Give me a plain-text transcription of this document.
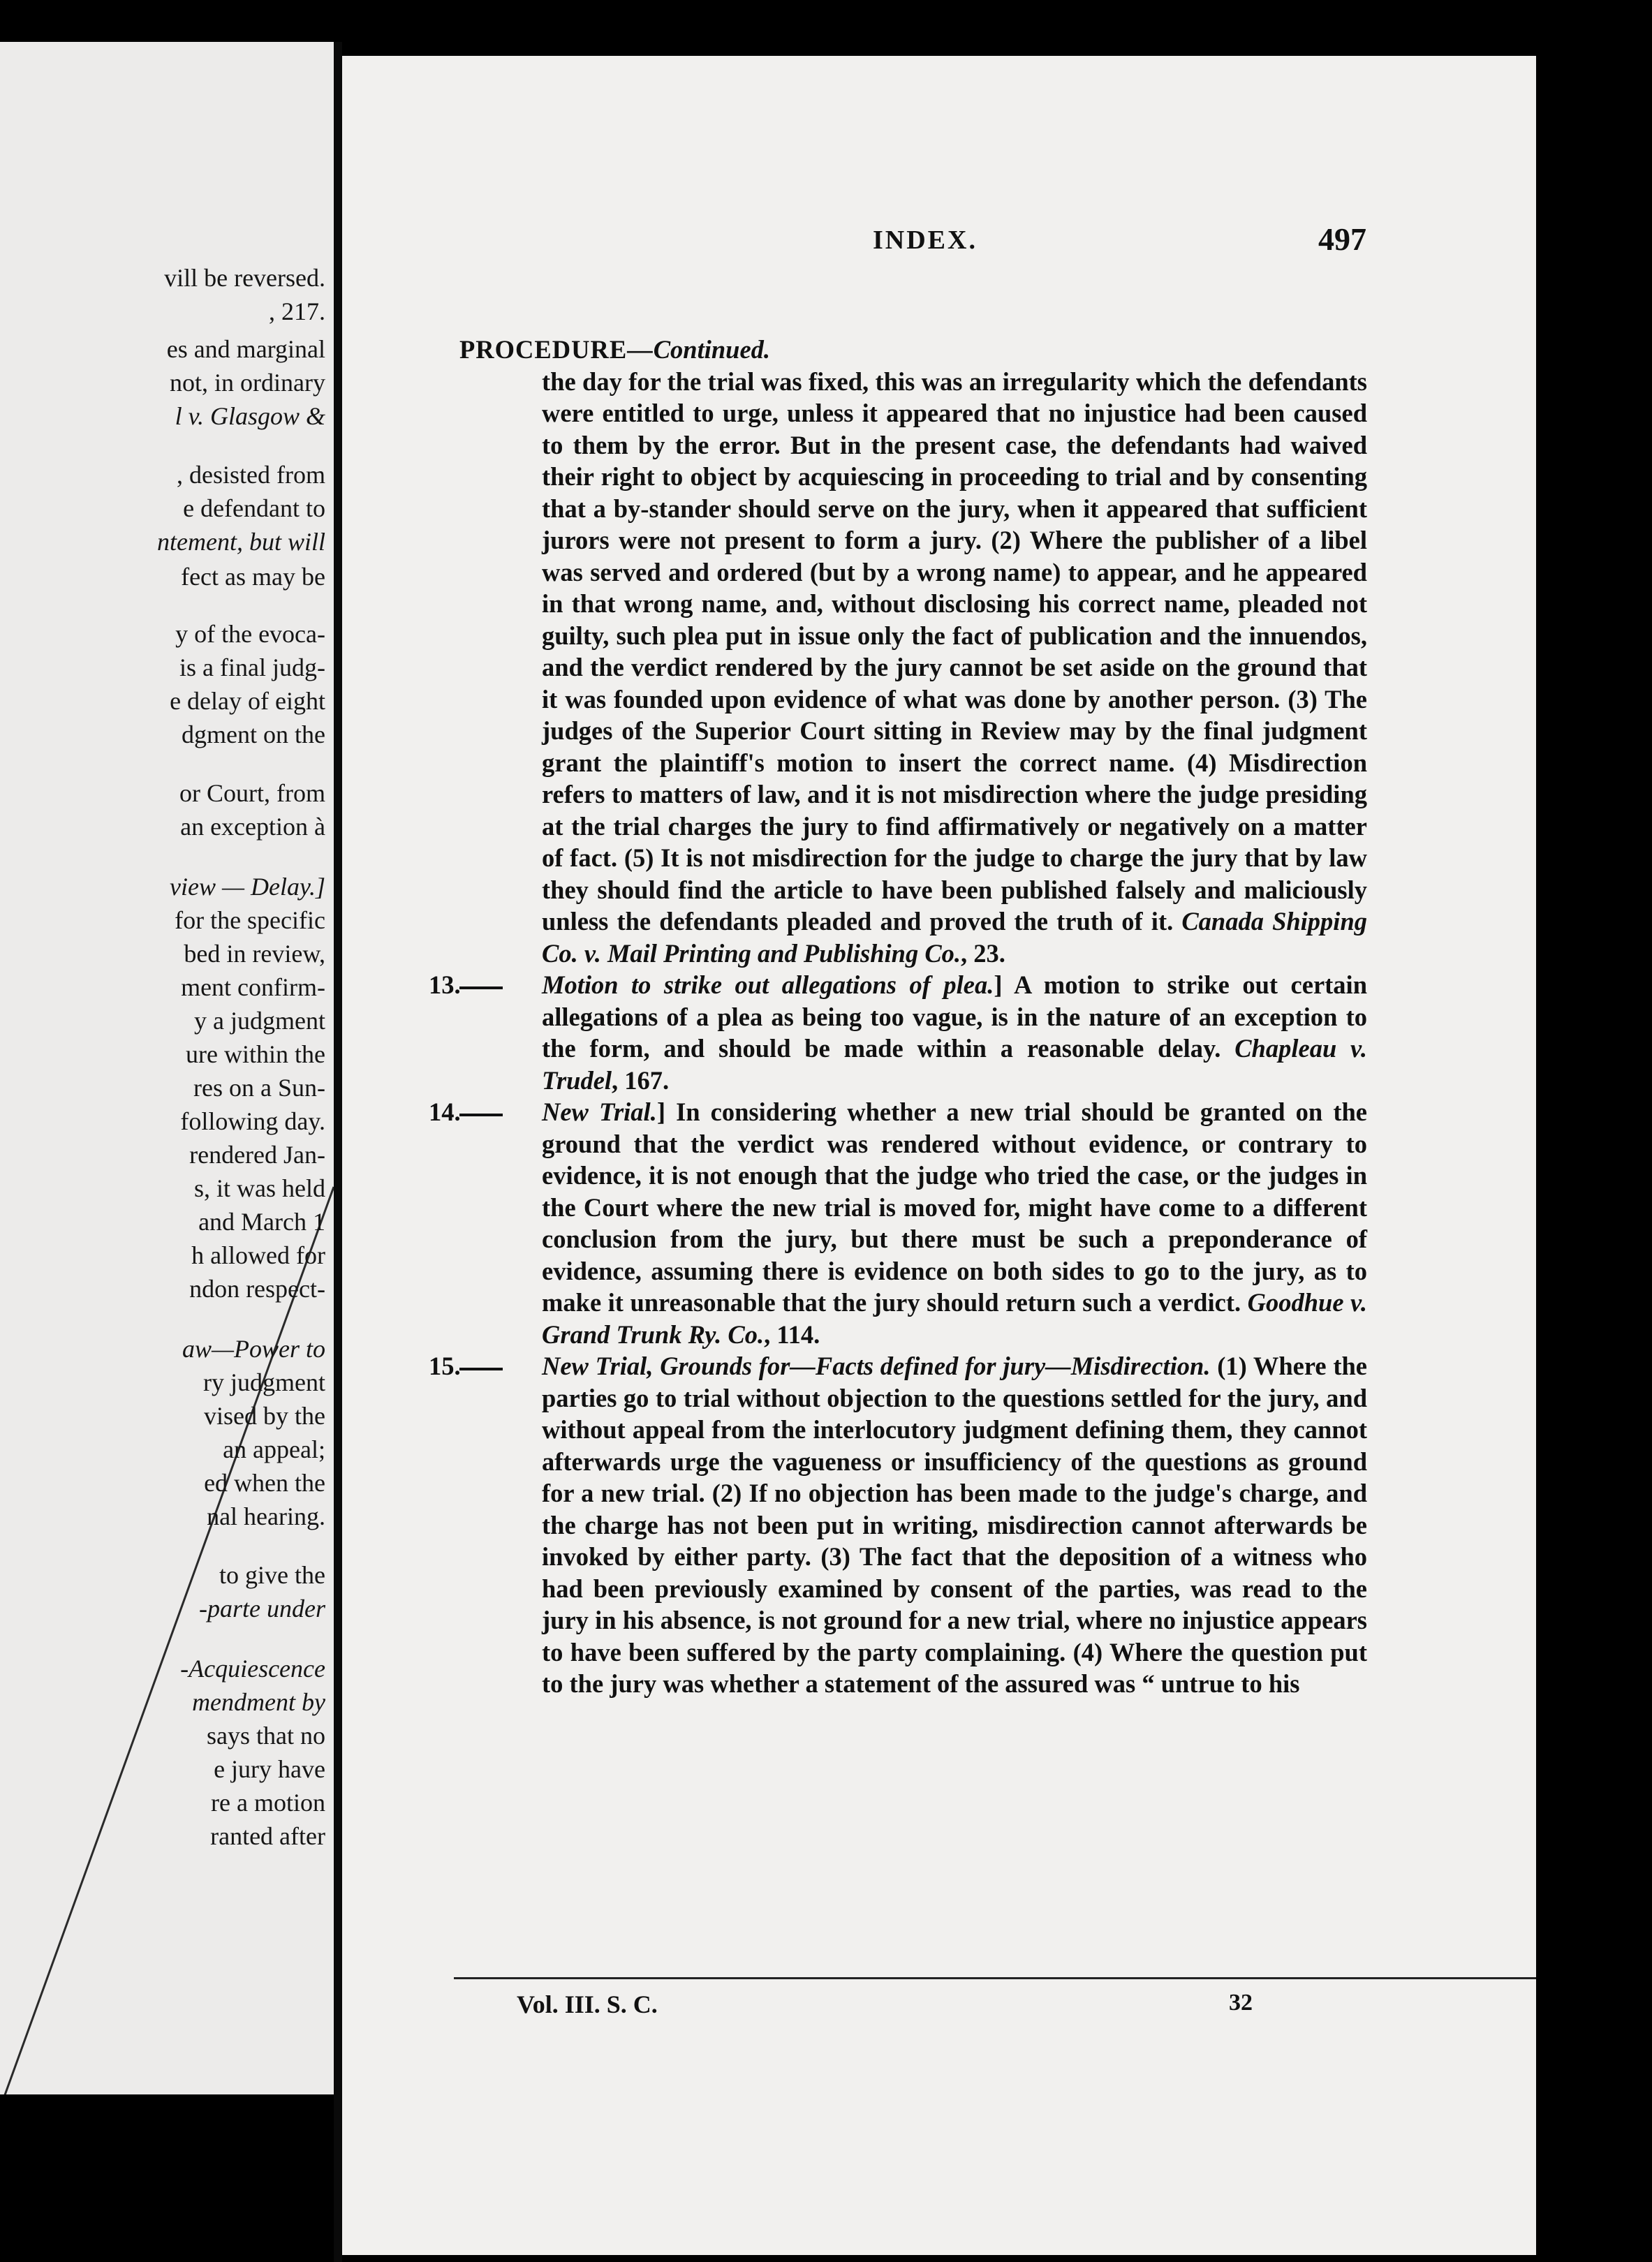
vill be reversed.
, 217.
es and marginal
not, in ordinary
l v. Glasgow &
, desisted from
e defendant to
ntement, but will
fect as may be
y of the evoca-
is a final judg-
e delay of eight
dgment on the
or Court, from
an exception à
view — Delay.]
for the specific
bed in review,
ment confirm-
y a judgment
ure within the
res on a Sun-
following day.
rendered Jan-
s, it was held
and March 1
h allowed for
ndon respect-
aw—Power to
ry judgment
vised by the
an appeal;
ed when the
nal hearing.
to give the
-parte under
-Acquiescence
mendment by
says that no
e jury have
re a motion
ranted after
INDEX.	497

PROCEDURE—Continued.

the day for the trial was fixed, this was an irregularity which the defendants were entitled to urge, unless it appeared that no injustice had been caused to them by the error. But in the present case, the defendants had waived their right to object by acquiescing in proceeding to trial and by consenting that a by-stander should serve on the jury, when it appeared that sufficient jurors were not present to form a jury. (2) Where the publisher of a libel was served and ordered (but by a wrong name) to appear, and he appeared in that wrong name, and, without disclosing his correct name, pleaded not guilty, such plea put in issue only the fact of publication and the innuendos, and the verdict rendered by the jury cannot be set aside on the ground that it was founded upon evidence of what was done by another person. (3) The judges of the Superior Court sitting in Review may by the final judgment grant the plaintiff's motion to insert the correct name. (4) Misdirection refers to matters of law, and it is not misdirection where the judge presiding at the trial charges the jury to find affirmatively or negatively on a matter of fact. (5) It is not misdirection for the judge to charge the jury that by law they should find the article to have been published falsely and maliciously unless the defendants pleaded and proved the truth of it. Canada Shipping Co. v. Mail Printing and Publishing Co., 23.

13.	Motion to strike out allegations of plea.] A motion to strike out certain allegations of a plea as being too vague, is in the nature of an exception to the form, and should be made within a reasonable delay. Chapleau v. Trudel, 167.

14.	New Trial.] In considering whether a new trial should be granted on the ground that the verdict was rendered without evidence, or contrary to evidence, it is not enough that the judge who tried the case, or the judges in the Court where the new trial is moved for, might have come to a different conclusion from the jury, but there must be such a preponderance of evidence, assuming there is evidence on both sides to go to the jury, as to make it unreasonable that the jury should return such a verdict. Goodhue v. Grand Trunk Ry. Co., 114.

15.	New Trial, Grounds for—Facts defined for jury—Misdirection. (1) Where the parties go to trial without objection to the questions settled for the jury, and without appeal from the interlocutory judgment defining them, they cannot afterwards urge the vagueness or insufficiency of the questions as ground for a new trial. (2) If no objection has been made to the judge's charge, and the charge has not been put in writing, misdirection cannot afterwards be invoked by either party. (3) The fact that the deposition of a witness who had been previously examined by consent of the parties, was read to the jury in his absence, is not ground for a new trial, where no injustice appears to have been suffered by the party complaining. (4) Where the question put to the jury was whether a statement of the assured was “ untrue to his

Vol. III. S. C.	32
